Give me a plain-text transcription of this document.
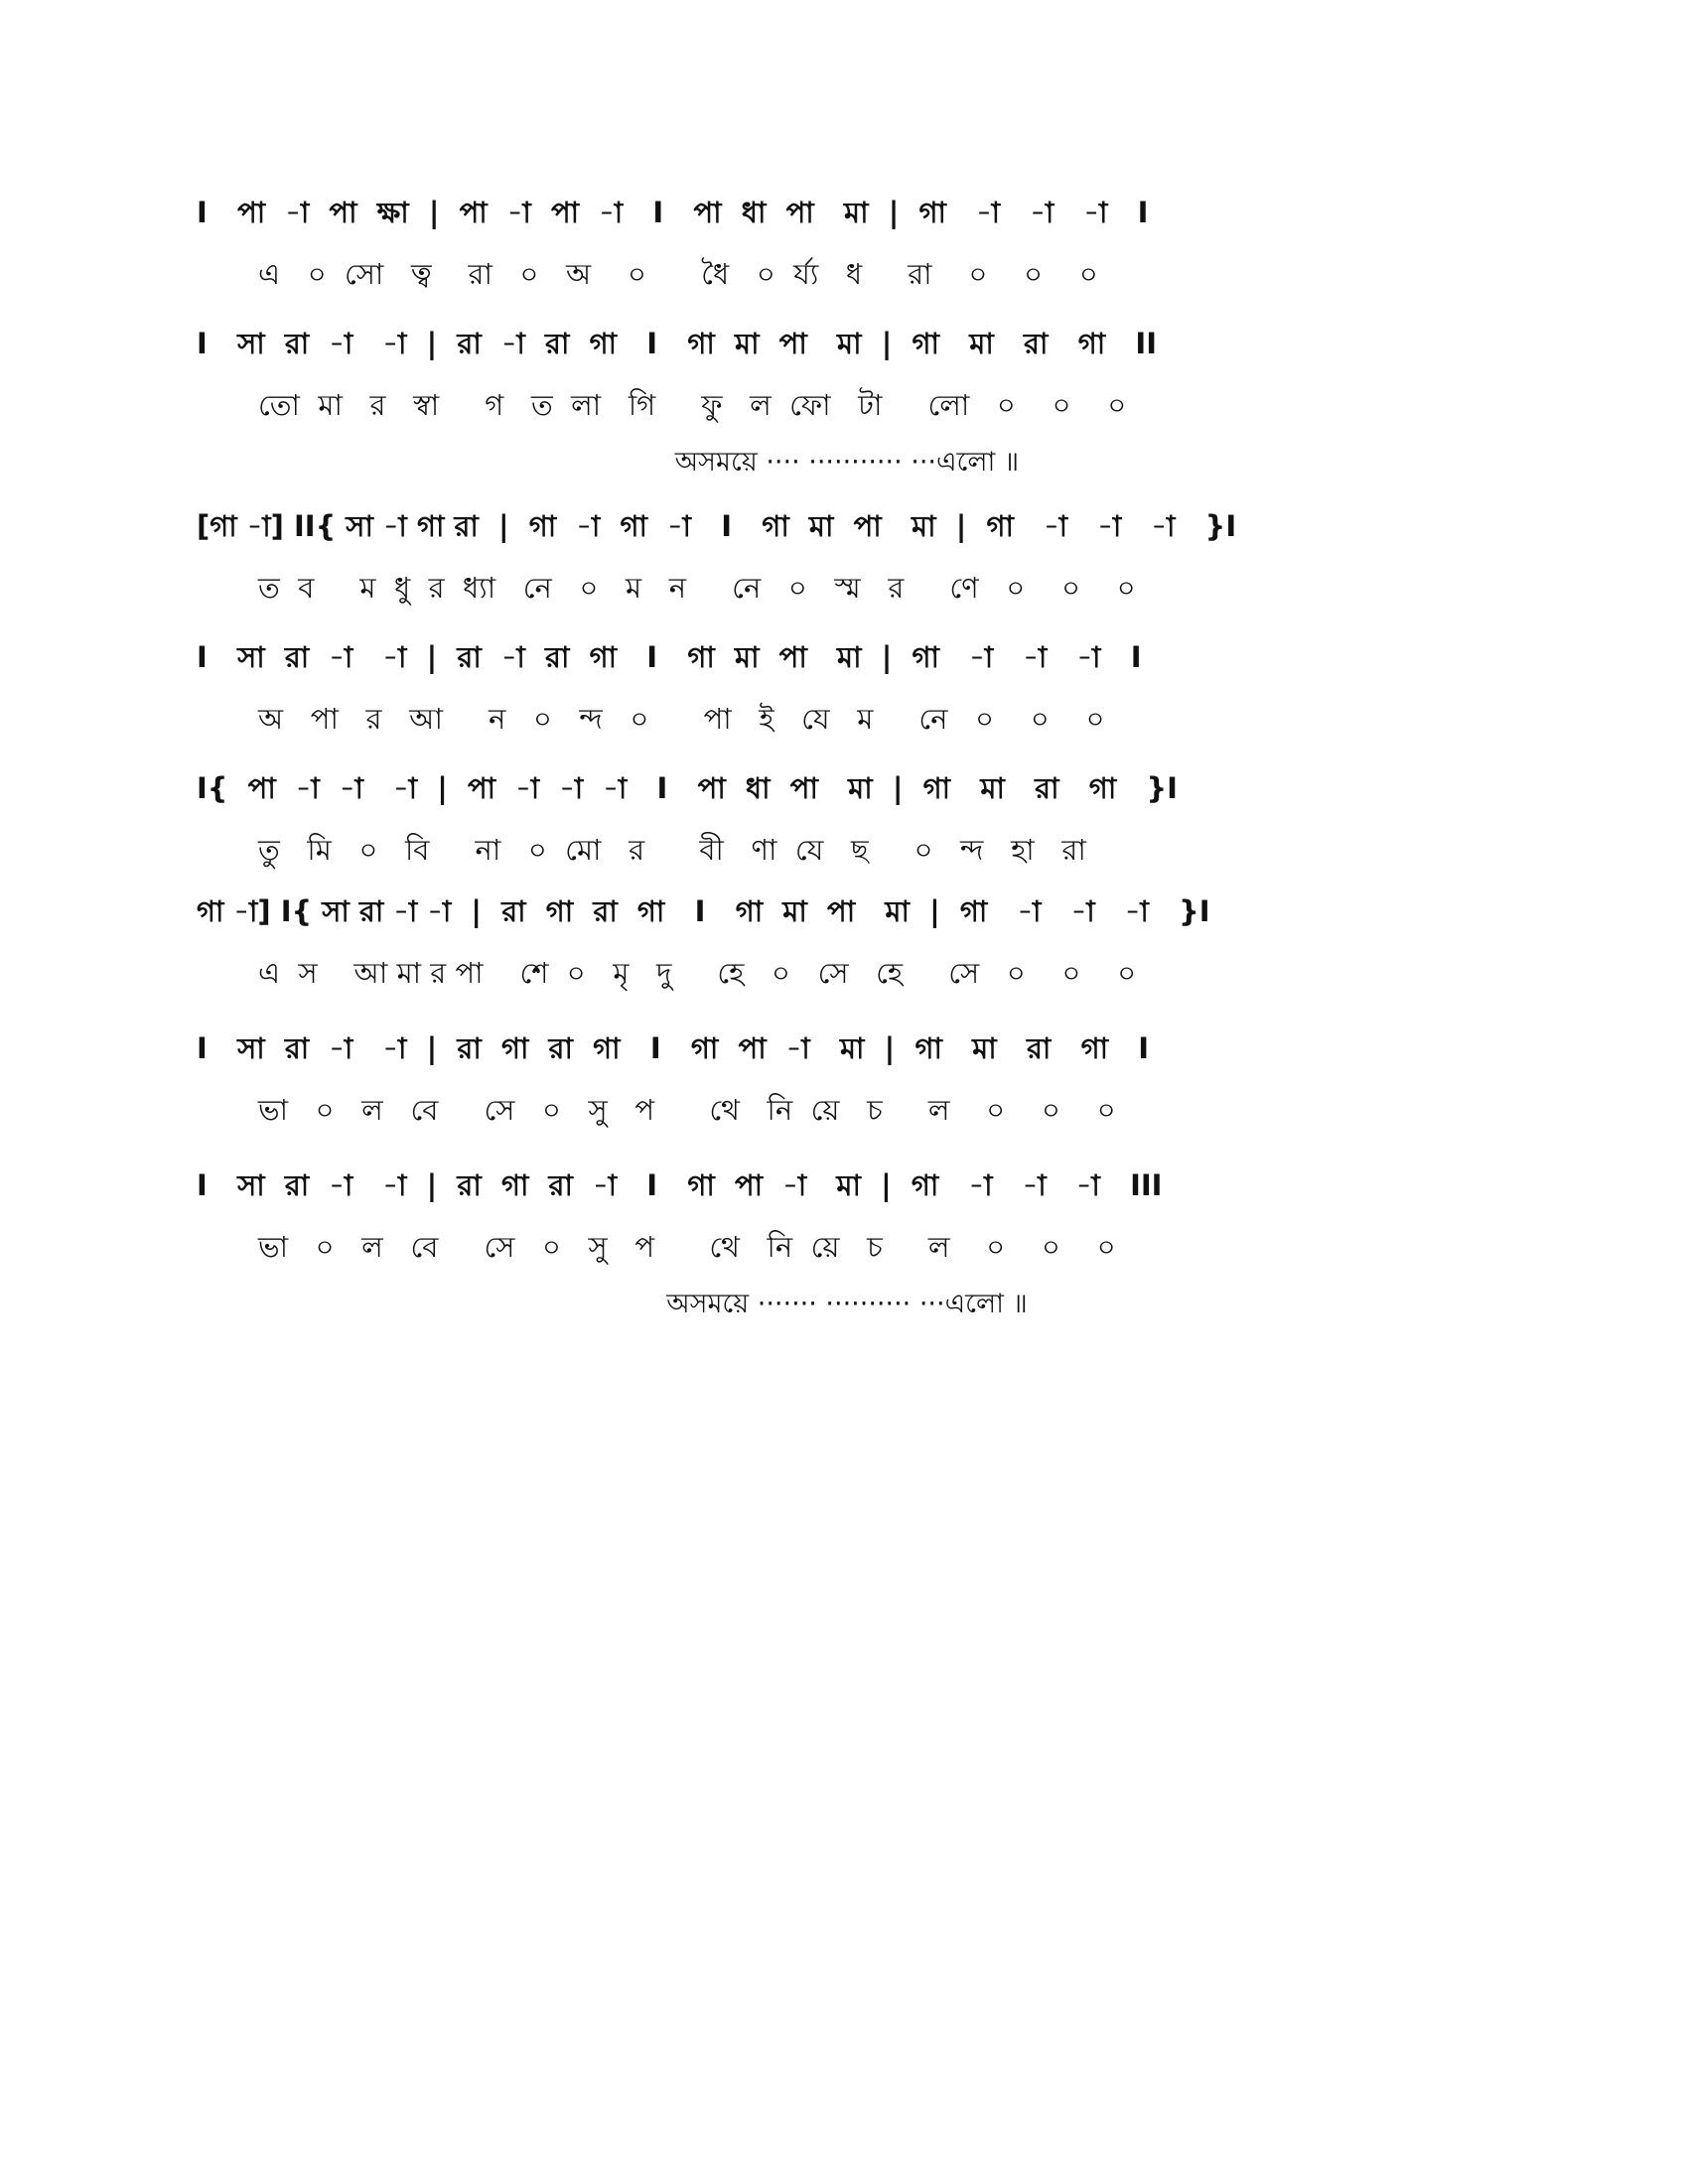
I   পা  -া  পা  ক্ষা  |  পা  -া  পা  -া   I   পা  ধা  পা   মা  |  গা   -া   -া   -া   I
এ   ০  সো   ত্ব    রা   ০   অ    ০      ধৈ   ০  র্য্য   ধ     রা    ০    ০    ০
I   সা  রা  -া   -া  |  রা  -া  রা  গা   I   গা  মা  পা   মা  |  গা   মা   রা   গা   II
তো  মা   র   স্বা     গ   ত  লা   গি     ফু   ল  ফো   টা     লো   ০    ০    ০
অসময়ে ···· ··········· ···এলো ॥
[গা -া] II{ সা -া গা রা  |  গা  -া  গা  -া   I   গা  মা  পা   মা  |  গা   -া   -া   -া   }I
ত  ব     ম  ধু  র  ধ্যা   নে   ০   ম   ন     নে   ০   স্ম   র     ণে   ০    ০    ০
I   সা  রা  -া   -া  |  রা  -া  রা  গা   I   গা  মা  পা   মা  |  গা   -া   -া   -া   I
অ   পা   র   আ     ন   ০   ন্দ   ০      পা   ই   যে   ম     নে   ০    ০    ০
I{  পা  -া  -া   -া  |  পা  -া  -া  -া   I   পা  ধা  পা   মা  |  গা   মা   রা   গা   }I
তু   মি   ০   বি     না   ০  মো   র      বী   ণা  যে   ছ     ০   ন্দ   হা   রা
গা -া] I{ সা রা -া -া  |  রা  গা  রা  গা   I   গা  মা  পা   মা  |  গা   -া   -া   -া   }I
এ  স    আ মা র পা    শে  ০   মৃ   দু     হে   ০   সে   হে     সে   ০    ০    ০
I   সা  রা  -া   -া  |  রা  গা  রা  গা   I   গা  পা  -া   মা  |  গা   মা   রা   গা   I
ভা   ০   ল   বে     সে   ০   সু   প      থে   নি  য়ে   চ     ল    ০    ০    ০
I   সা  রা  -া   -া  |  রা  গা  রা  -া   I   গা  পা  -া   মা  |  গা   -া   -া   -া   III
ভা   ০   ল   বে     সে   ০   সু   প      থে   নি  য়ে   চ     ল    ০    ০    ০
অসময়ে ······· ·········· ···এলো ॥
